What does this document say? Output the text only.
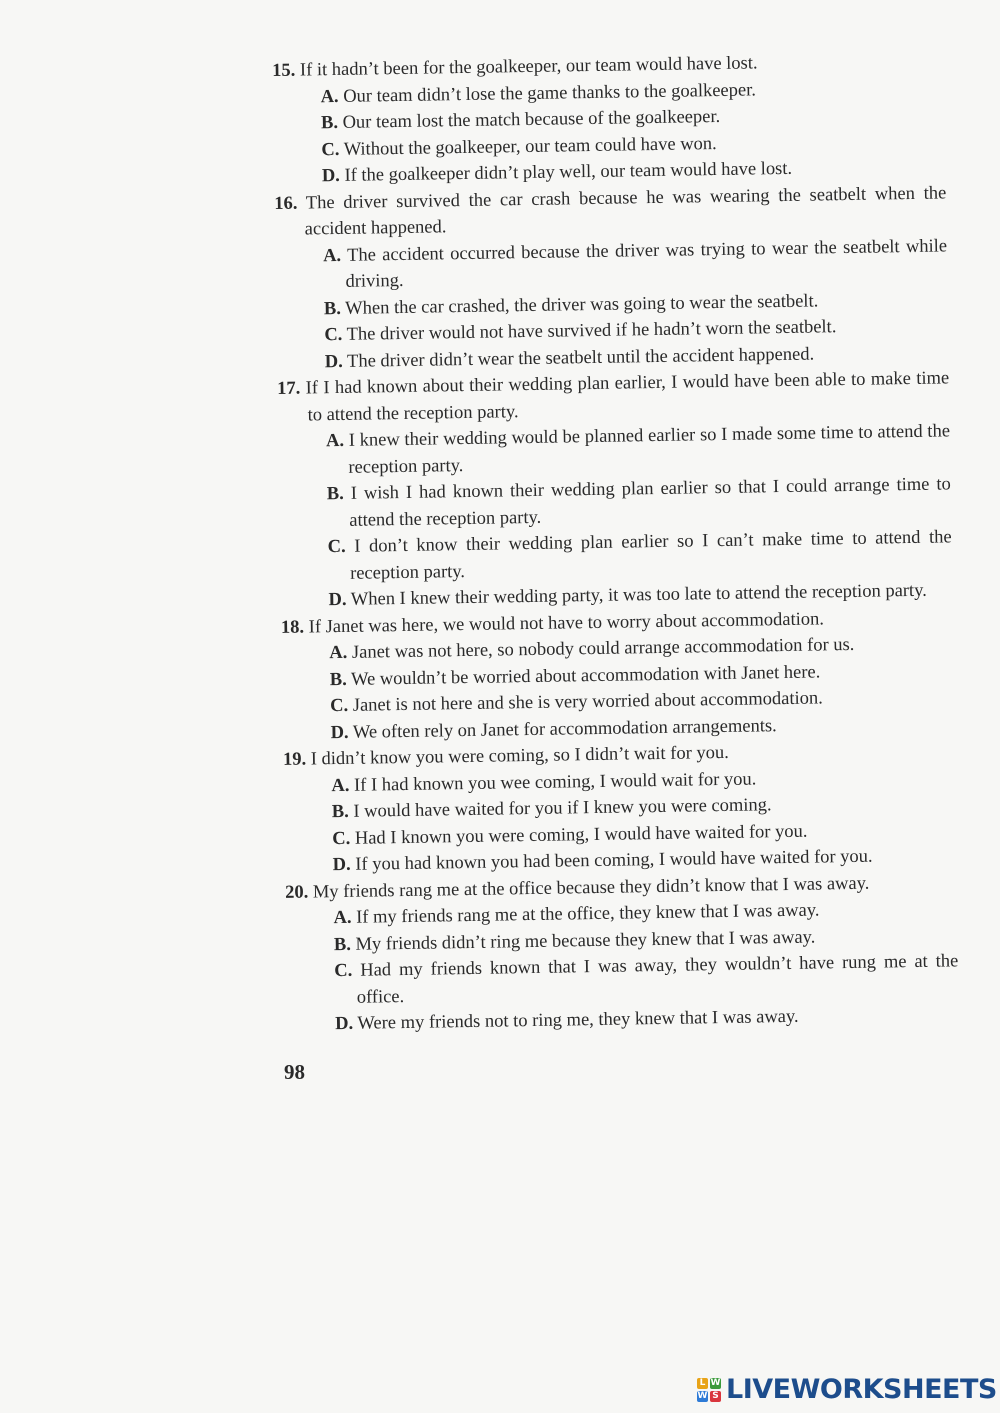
15. If it hadn’t been for the goalkeeper, our team would have lost.
A. Our team didn’t lose the game thanks to the goalkeeper.
B. Our team lost the match because of the goalkeeper.
C. Without the goalkeeper, our team could have won.
D. If the goalkeeper didn’t play well, our team would have lost.
16. The driver survived the car crash because he was wearing the seatbelt when the accident happened.
A. The accident occurred because the driver was trying to wear the seatbelt while driving.
B. When the car crashed, the driver was going to wear the seatbelt.
C. The driver would not have survived if he hadn’t worn the seatbelt.
D. The driver didn’t wear the seatbelt until the accident happened.
17. If I had known about their wedding plan earlier, I would have been able to make time to attend the reception party.
A. I knew their wedding would be planned earlier so I made some time to attend the reception party.
B. I wish I had known their wedding plan earlier so that I could arrange time to attend the reception party.
C. I don’t know their wedding plan earlier so I can’t make time to attend the reception party.
D. When I knew their wedding party, it was too late to attend the reception party.
18. If Janet was here, we would not have to worry about accommodation.
A. Janet was not here, so nobody could arrange accommodation for us.
B. We wouldn’t be worried about accommodation with Janet here.
C. Janet is not here and she is very worried about accommodation.
D. We often rely on Janet for accommodation arrangements.
19. I didn’t know you were coming, so I didn’t wait for you.
A. If I had known you wee coming, I would wait for you.
B. I would have waited for you if I knew you were coming.
C. Had I known you were coming, I would have waited for you.
D. If you had known you had been coming, I would have waited for you.
20. My friends rang me at the office because they didn’t know that I was away.
A. If my friends rang me at the office, they knew that I was away.
B. My friends didn’t ring me because they knew that I was away.
C. Had my friends known that I was away, they wouldn’t have rung me at the office.
D. Were my friends not to ring me, they knew that I was away.
98
L W
W S LIVEWORKSHEETS
